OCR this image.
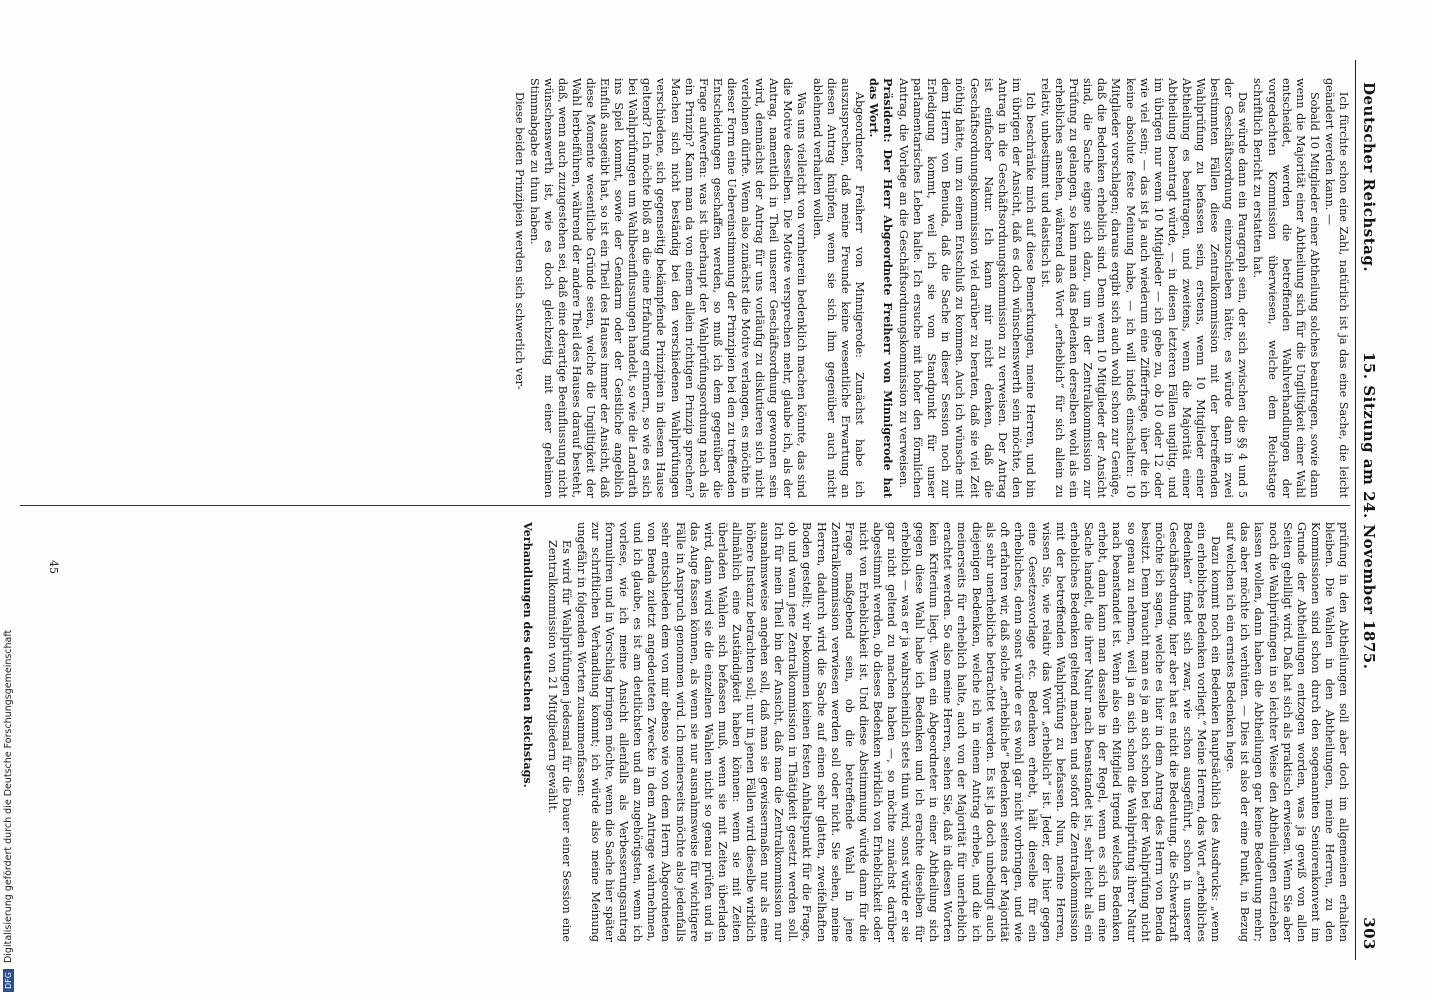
Deutscher Reichstag.
15. Sitzung am 24. November 1875.
303

Ich fürchte schon eine Zahl, natürlich ist ja das eine Sache, die leicht geändert werden kann. —

Sobald 10 Mitglieder einer Abtheilung solches beantragen, sowie dann wenn die Majorität einer Abtheilung sich für die Ungiltigkeit einer Wahl entscheidet, werden die betreffenden Wahlverhandlungen der vorgedachten Kommission überwiesen, welche dem Reichstage schriftlich Bericht zu erstatten hat.

Das würde dann ein Paragraph sein, der sich zwischen die §§ 4 und 5 der Geschäftsordnung einzuschieben hätte; es würde dann in zwei bestimmten Fällen diese Zentralkommission mit der betreffenden Wahlprüfung zu befassen sein, erstens, wenn 10 Mitglieder einer Abtheilung es beantragen, und zweitens, wenn die Majorität einer Abtheilung beantragt würde, — in diesen letzteren Fällen ungiltig, und im übrigen nur wenn 10 Mitglieder — ich gebe zu, ob 10 oder 12 oder wie viel sein; — das ist ja auch wiederum eine Zifferfrage, über die ich keine absolute feste Meinung habe, — ich will indeß einschalten: 10 Mitglieder vorschlagen; daraus ergibt sich auch wohl schon zur Genüge, daß die Bedenken erheblich sind. Denn wenn 10 Mitglieder der Ansicht sind, die Sache eigne sich dazu, um in der Zentralkommission zur Prüfung zu gelangen, so kann man das Bedenken derselben wohl als ein erhebliches ansehen, während das Wort „erheblich“ für sich allein zu relativ, unbestimmt und elastisch ist.

Ich beschränke mich auf diese Bemerkungen, meine Herren, und bin im übrigen der Ansicht, daß es doch wünschenswerth sein möchte, den Antrag in die Geschäftsordnungskommission zu verweisen. Der Antrag ist einfacher Natur. Ich kann mir nicht denken, daß die Geschäftsordnungskommission viel darüber zu beraten, daß sie viel Zeit nöthig hätte, um zu einem Entschluß zu kommen. Auch ich wünsche mit dem Herrn von Benuda, daß die Sache in dieser Session noch zur Erledigung kommt, weil ich sie vom Standpunkt für unser parlamentarisches Leben halte. Ich ersuche mit hoher den förmlichen Antrag, die Vorlage an die Geschäftsordnungskommission zu verweisen.

Präsident: Der Herr Abgeordnete Freiherr von Minnigerode hat das Wort.

Abgeordneter Freiherr von Minnigerode: Zunächst habe ich auszusprechen, daß meine Freunde keine wesentliche Erwartung an diesen Antrag knüpfen, wenn sie sich ihm gegenüber auch nicht ablehnend verhalten wollen.

Was uns vielleicht von vornherein bedenklich machen könnte, das sind die Motive desselben. Die Motive versprechen mehr, glaube ich, als der Antrag, namentlich in Theil unserer Geschäftsordnung gewonnen sein wird, demnächst der Antrag für uns vorläufig zu diskutieren sich nicht verlohnen dürfte. Wenn also zunächst die Motive verlangen, es möchte in dieser Form eine Uebereinstimmung der Prinzipien bei den zu treffenden Entscheidungen geschaffen werden, so muß ich dem gegenüber die Frage aufwerfen: was ist überhaupt der Wahlprüfungsordnung nach als ein Prinzip? Kann man da von einem allein richtigen Prinzip sprechen? Machen sich nicht beständig bei den verschiedenen Wahlprüfungen verschiedene, sich gegenseitig bekämpfende Prinzipien in diesem Hause geltend? Ich möchte bloß an die eine Erfahrung erinnern, so wie es sich bei Wahlprüfungen um Wahlbeeinflussungen handelt, so wie die Landrath ins Spiel kommt, sowie der Gendarm oder der Geistliche angeblich Einfluß ausgeübt hat, so ist ein Theil des Hauses immer der Ansicht, daß diese Momente wesentliche Gründe seien, welche die Ungiltigkeit der Wahl herbeiführen, während der andere Theil des Hauses darauf besteht, daß, wenn auch zuzugestehen sei, daß eine derartige Beeinflussung nicht wünschenswerth ist, wie es doch gleichzeitig mit einer geheimen Stimmabgabe zu thun haben.

Diese beiden Prinzipien werden sich schwerlich ver-

prüfung in den Abtheilungen soll aber doch im allgemeinen erhalten bleiben. Die Wahlen in den Abtheilungen, meine Herren, zu den Kommissionen sind schon durch den sogenannten Seniorenkonvent im Grunde der Abtheilungen entzogen worden, was ja gewiß von allen Seiten gebilligt wird. Daß hat sich als praktisch erwiesen. Wenn Sie aber noch die Wahlprüfungen in so leichter Weise den Abtheilungen entziehen lassen wollen, dann haben die Abtheilungen gar keine Bedeutung mehr; das aber möchte ich verhüten. — Dies ist also der eine Punkt, in Bezug auf welchen ich ein ernstes Bedenken hege.

Dazu kommt noch ein Bedenken hauptsächlich des Ausdrucks: „wenn ein erhebliches Bedenken vorliegt.“ Meine Herren, das Wort „erhebliches Bedenken“ findet sich zwar, wie schon ausgeführt, schon in unserer Geschäftsordnung, hier aber hat es nicht die Bedeutung, die Schwerkraft möchte ich sagen, welche es hier in dem Antrag des Herrn von Benda besitzt. Denn braucht man es ja an sich schon bei der Wahlprüfung nicht so genau zu nehmen, weil ja an sich schon die Wahlprüfung ihrer Natur nach beanstandet ist. Wenn also ein Mitglied irgend welches Bedenken erhebt, dann kann man dasselbe in der Regel, wenn es sich um eine Sache handelt, die ihrer Natur nach beanstandet ist, sehr leicht als ein erhebliches Bedenken geltend machen und sofort die Zentralkommission mit der betreffenden Wahlprüfung zu befassen. Nun, meine Herren, wissen Sie, wie relativ das Wort „erheblich“ ist. Jeder, der hier gegen eine Gesetzesvorlage etc. Bedenken erhebt, hält dieselbe für ein erhebliches, denn sonst würde er es wohl gar nicht vorbringen, und wie oft erfahren wir, daß solche „erhebliche“ Bedenken seitens der Majorität als sehr unerhebliche betrachtet werden. Es ist ja doch unbedingt auch diejenigen Bedenken, welche ich in einem Antrag erhebe, und die ich meinerseits für erheblich halte, auch von der Majorität für unerheblich erachtet werden. So also meine Herren, sehen Sie, daß in diesen Worten kein Kriterium liegt. Wenn ein Abgeordneter in einer Abtheilung sich gegen diese Wahl habe ich Bedenken und ich erachte dieselben für erheblich — was er ja wahrscheinlich stets thun wird, sonst würde er sie gar nicht geltend zu machen haben —, so möchte zunächst darüber abgestimmt werden, ob dieses Bedenken wirklich von Erheblichkeit oder nicht von Erheblichkeit ist. Und diese Abstimmung würde dann für die Frage maßgebend sein, ob die betreffende Wahl in jene Zentralkommission verwiesen werden soll oder nicht. Sie sehen, meine Herren, dadurch wird die Sache auf einen sehr glatten, zweifelhaften Boden gestellt; wir bekommen keinen festen Anhaltspunkt für die Frage, ob und wann jene Zentralkommission in Thätigkeit gesetzt werden soll. Ich für mein Theil bin der Ansicht, daß man die Zentralkommission nur ausnahmsweise angehen soll, daß man sie gewissermaßen nur als eine höhere Instanz betrachten soll; nur in jenen Fällen wird dieselbe wirklich allmählich eine Zuständigkeit haben können: wenn sie mit Zeiten überladen Wahlen sich befassen muß, wenn sie mit Zeiten überladen wird, dann wird sie die einzelnen Wahlen nicht so genau prüfen und in das Auge fassen können, als wenn sie nur ausnahmsweise für wichtigere Fälle in Anspruch genommen wird. Ich meinerseits möchte also jedenfalls sehr entschieden dem von mir ebenso wie von dem Herrn Abgeordneten von Benda zuletzt angedeuteten Zwecke in dem Antrage wahrnehmen, und ich glaube, es ist am deutlichsten und am zugehörigsten, wenn ich vorlese, wie ich meine Ansicht allenfalls als Verbesserungsantrag formuliren und in Vorschlag bringen möchte, wenn die Sache hier später zur schriftlichen Verhandlung kommt; ich würde also meine Meinung ungefähr in folgenden Worten zusammenfassen:

Es wird für Wahlprüfungen jedesmal für die Dauer einer Session eine Zentralkommission von 21 Mitgliedern gewählt.

Verhandlungen des deutschen Reichstags.

45
DFGDigitalisierung gefördert durch die Deutsche Forschungsgemeinschaft
